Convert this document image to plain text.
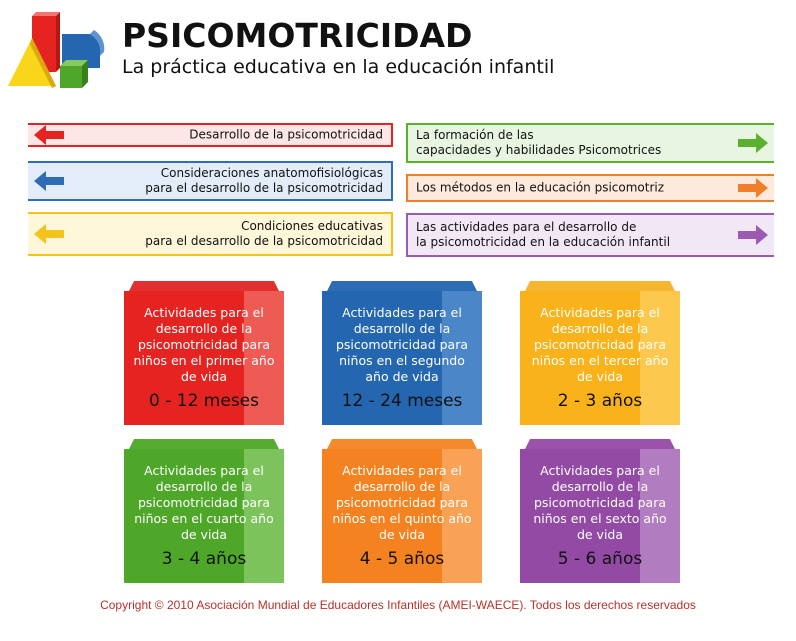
PSICOMOTRICIDAD
La práctica educativa en la educación infantil
Desarrollo de la psicomotricidad
Consideraciones anatomofisiológicas
para el desarrollo de la psicomotricidad
Condiciones educativas
para el desarrollo de la psicomotricidad
La formación de las
capacidades y habilidades Psicomotrices
Los métodos en la educación psicomotriz
Las actividades para el desarrollo de
la psicomotricidad en la educación infantil
Actividades para el desarrollo de la psicomotricidad para niños en el primer año de vida
0 - 12 meses
Actividades para el desarrollo de la psicomotricidad para niños en el segundo año de vida
12 - 24 meses
Actividades para el desarrollo de la psicomotricidad para niños en el tercer año de vida
2 - 3 años
Actividades para el desarrollo de la psicomotricidad para niños en el cuarto año de vida
3 - 4 años
Actividades para el desarrollo de la psicomotricidad para niños en el quinto año de vida
4 - 5 años
Actividades para el desarrollo de la psicomotricidad para niños en el sexto año de vida
5 - 6 años
Copyright © 2010 Asociación Mundial de Educadores Infantiles (AMEI-WAECE). Todos los derechos reservados
